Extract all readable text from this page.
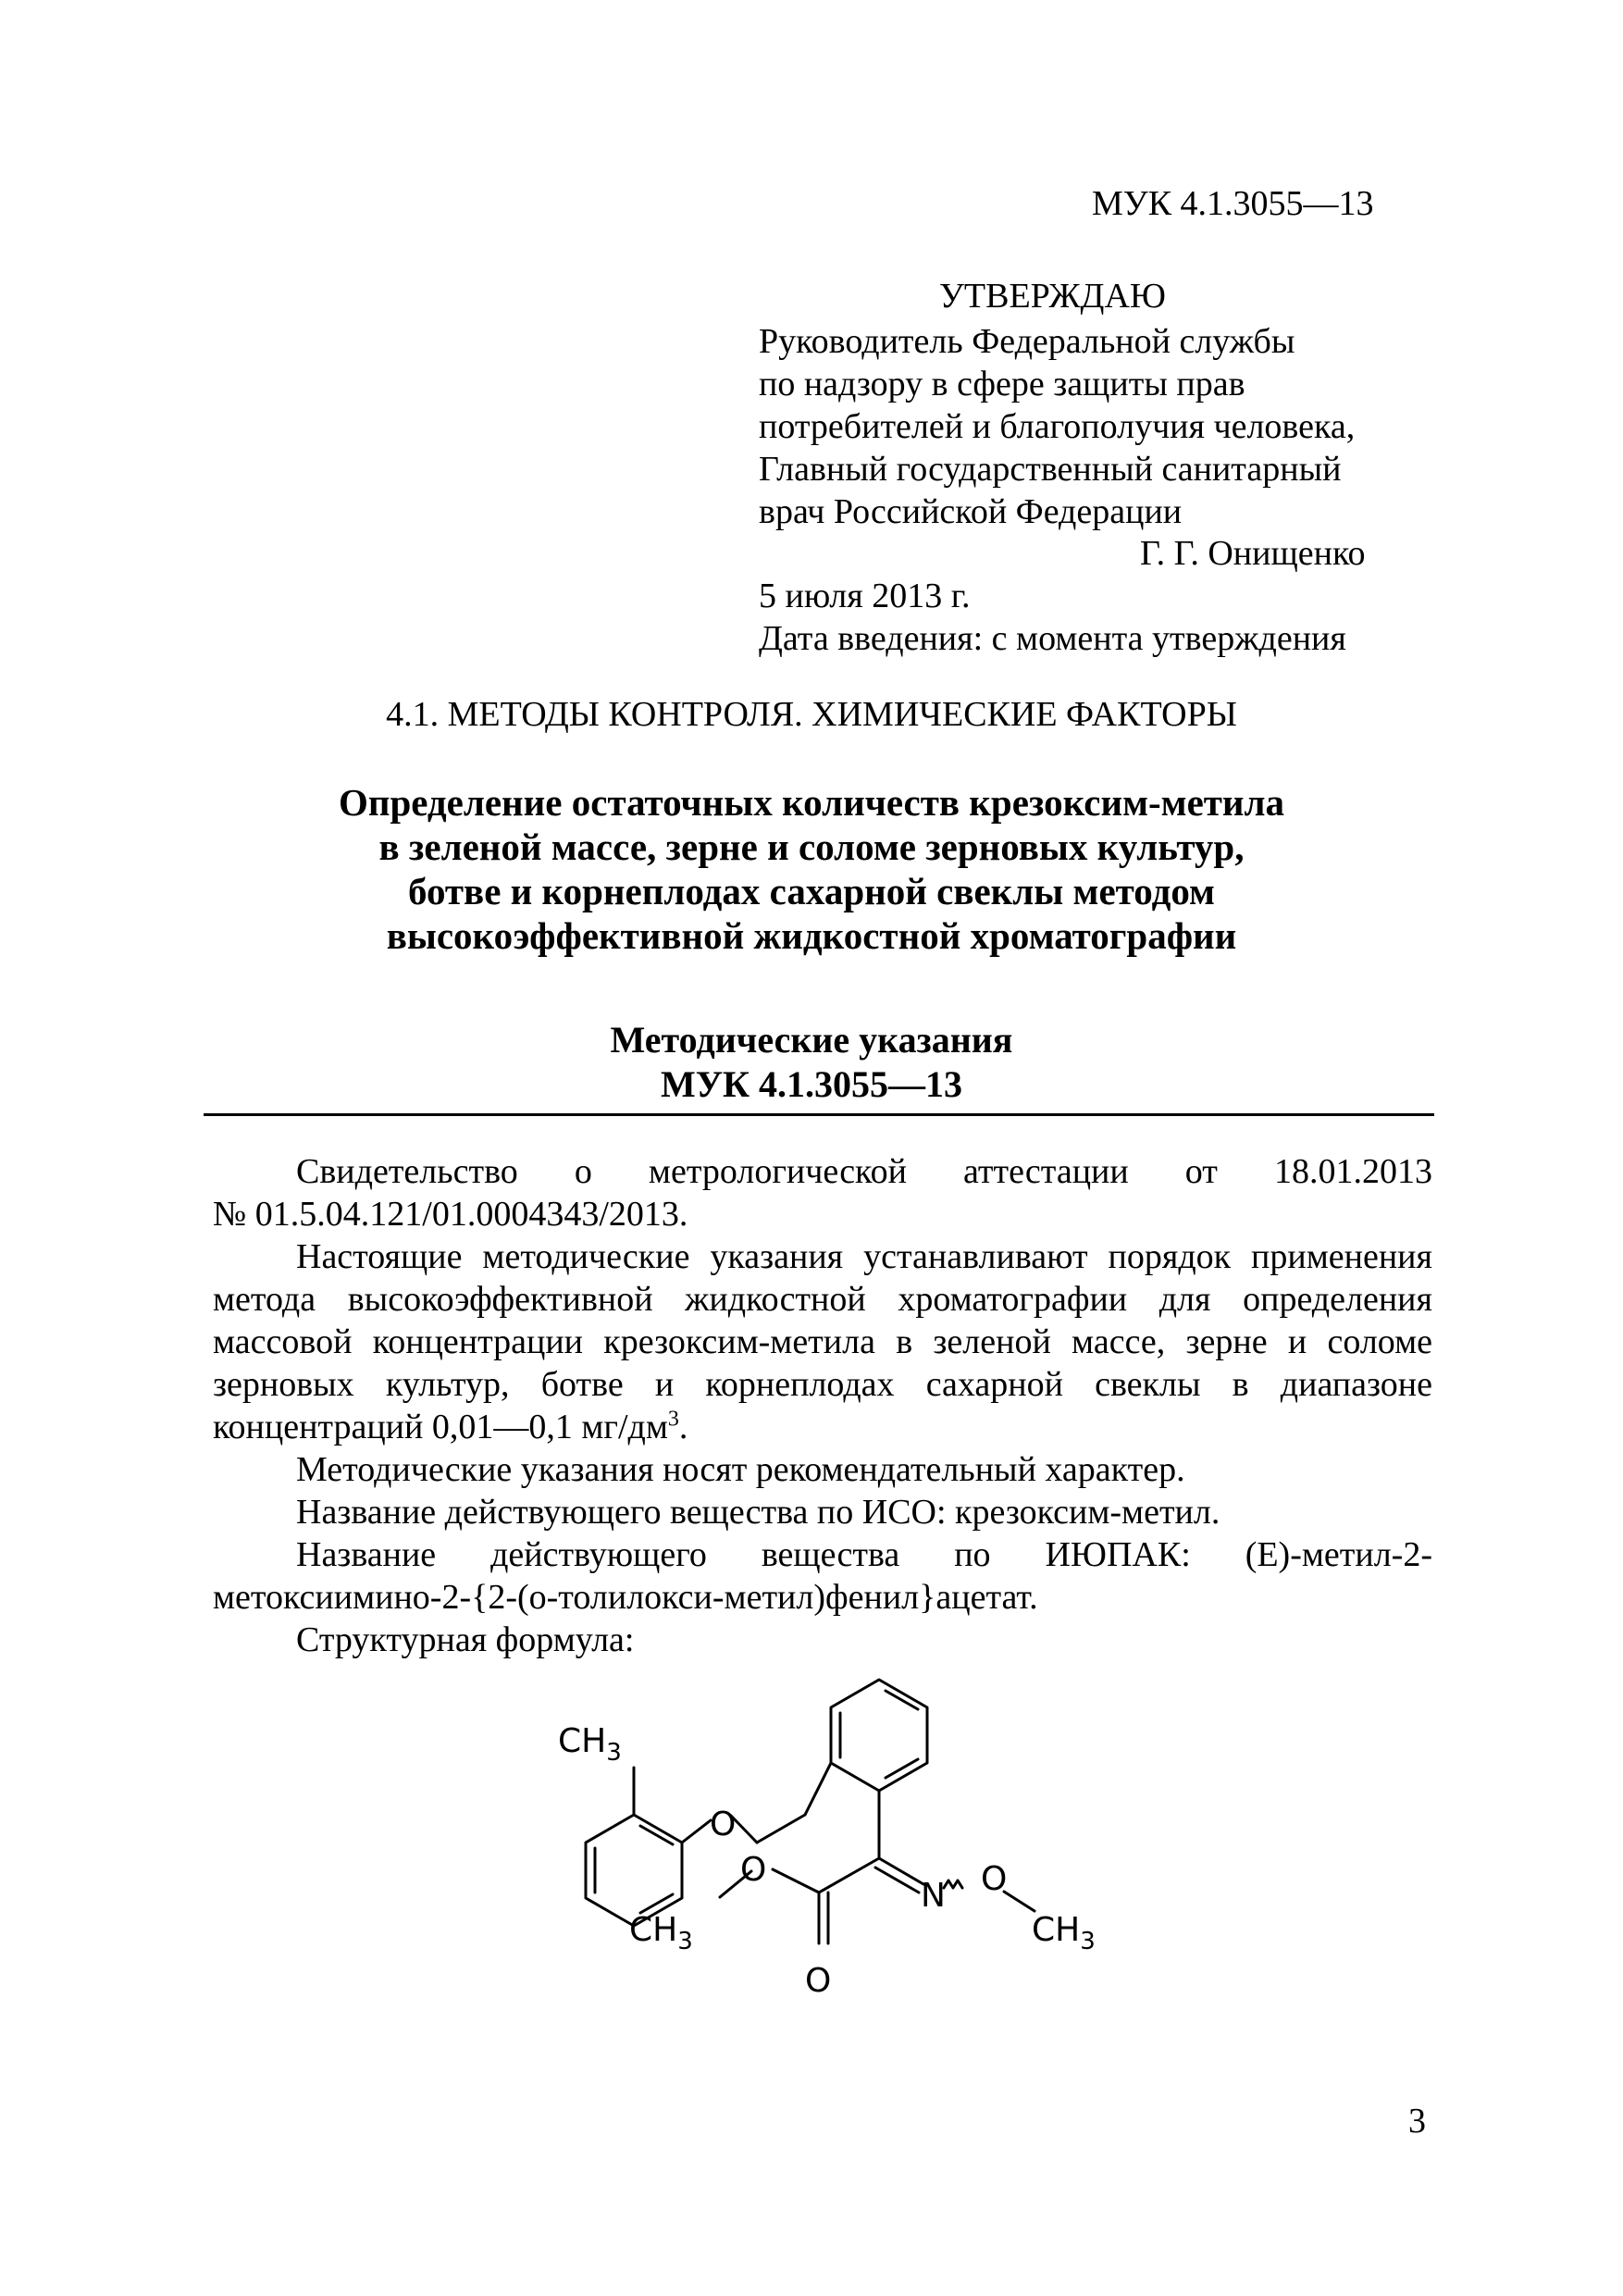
МУК 4.1.3055—13
УТВЕРЖДАЮ
Руководитель Федеральной службы
по надзору в сфере защиты прав
потребителей и благополучия человека,
Главный государственный санитарный
врач Российской Федерации
Г. Г. Онищенко
5 июля 2013 г.
Дата введения: с момента утверждения
4.1. МЕТОДЫ КОНТРОЛЯ. ХИМИЧЕСКИЕ ФАКТОРЫ
Определение остаточных количеств крезоксим-метила
в зеленой массе, зерне и соломе зерновых культур,
ботве и корнеплодах сахарной свеклы методом
высокоэффективной жидкостной хроматографии
Методические указания
МУК 4.1.3055—13

Свидетельство о метрологической аттестации от 18.01.2013

№ 01.5.04.121/01.0004343/2013.

Настоящие методические указания устанавливают порядок применения метода высокоэффективной жидкостной хроматографии для определения массовой концентрации крезоксим-метила в зеленой массе, зерне и соломе зерновых культур, ботве и корнеплодах сахарной свеклы в диапазоне концентраций 0,01—0,1 $мг/дм^3$.

Методические указания носят рекомендательный характер.

Название действующего вещества по ИСО: крезоксим-метил.

Название действующего вещества по ИЮПАК: (Е)-метил-2-метоксиимино-2-{2-(о-толилокси-метил)фенил}ацетат.

Структурная формула:

$CH_3$
O
$CH_3$
O
O
N O
$CH_3$
3
